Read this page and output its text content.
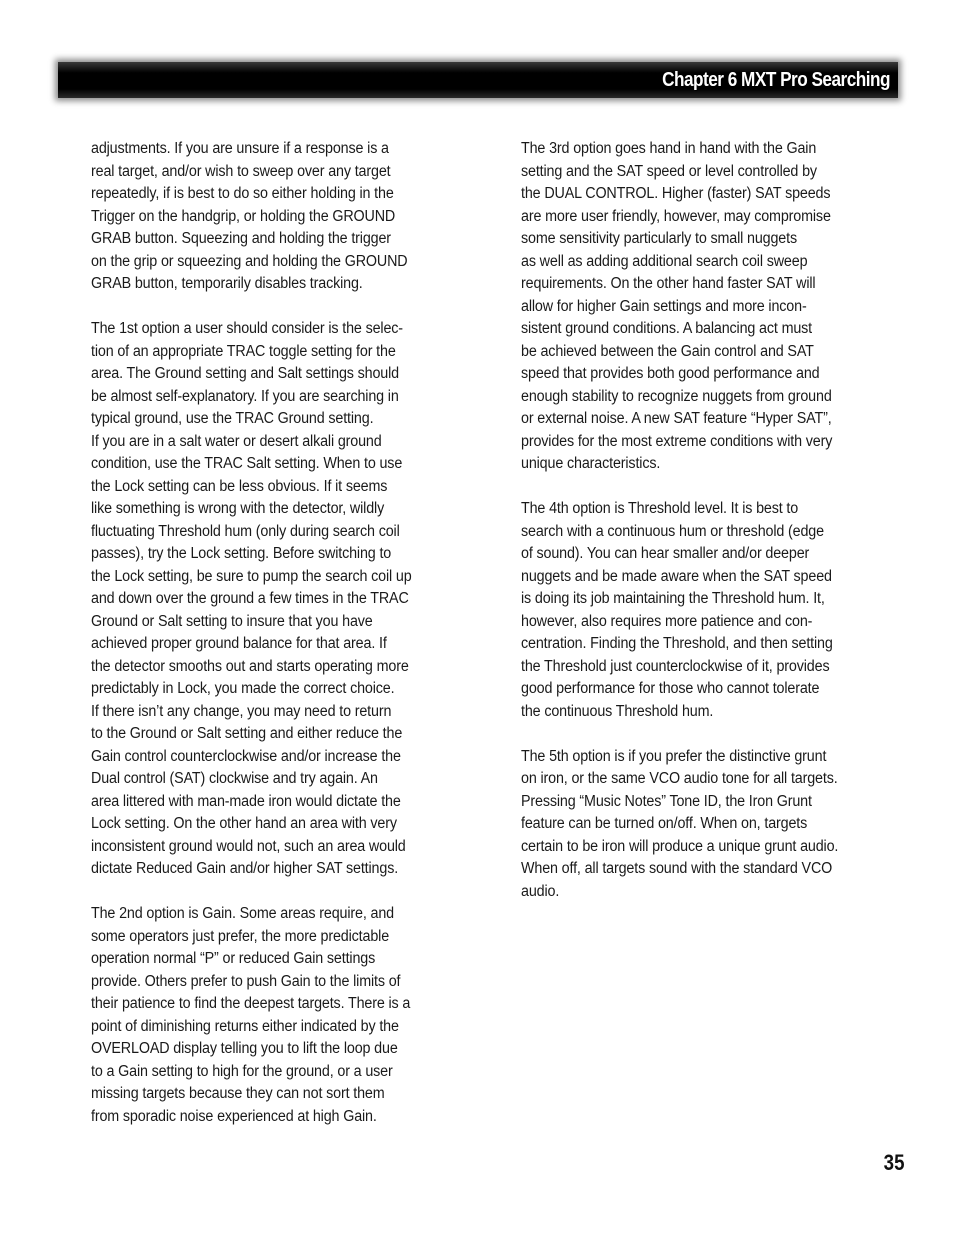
Chapter 6 MXT Pro Searching

adjustments. If you are unsure if a response is a
real target, and/or wish to sweep over any target
repeatedly, if is best to do so either holding in the
Trigger on the handgrip, or holding the GROUND
GRAB button. Squeezing and holding the trigger
on the grip or squeezing and holding the GROUND
GRAB button, temporarily disables tracking.

The 1st option a user should consider is the selec-
tion of an appropriate TRAC toggle setting for the
area. The Ground setting and Salt settings should
be almost self-explanatory. If you are searching in
typical ground, use the TRAC Ground setting.
If you are in a salt water or desert alkali ground
condition, use the TRAC Salt setting. When to use
the Lock setting can be less obvious. If it seems
like something is wrong with the detector, wildly
fluctuating Threshold hum (only during search coil
passes), try the Lock setting. Before switching to
the Lock setting, be sure to pump the search coil up
and down over the ground a few times in the TRAC
Ground or Salt setting to insure that you have
achieved proper ground balance for that area. If
the detector smooths out and starts operating more
predictably in Lock, you made the correct choice.
If there isn’t any change, you may need to return
to the Ground or Salt setting and either reduce the
Gain control counterclockwise and/or increase the
Dual control (SAT) clockwise and try again. An
area littered with man-made iron would dictate the
Lock setting. On the other hand an area with very
inconsistent ground would not, such an area would
dictate Reduced Gain and/or higher SAT settings.

The 2nd option is Gain. Some areas require, and
some operators just prefer, the more predictable
operation normal “P” or reduced Gain settings
provide. Others prefer to push Gain to the limits of
their patience to find the deepest targets. There is a
point of diminishing returns either indicated by the
OVERLOAD display telling you to lift the loop due
to a Gain setting to high for the ground, or a user
missing targets because they can not sort them
from sporadic noise experienced at high Gain.

The 3rd option goes hand in hand with the Gain
setting and the SAT speed or level controlled by
the DUAL CONTROL. Higher (faster) SAT speeds
are more user friendly, however, may compromise
some sensitivity particularly to small nuggets
as well as adding additional search coil sweep
requirements. On the other hand faster SAT will
allow for higher Gain settings and more incon-
sistent ground conditions. A balancing act must
be achieved between the Gain control and SAT
speed that provides both good performance and
enough stability to recognize nuggets from ground
or external noise. A new SAT feature “Hyper SAT”,
provides for the most extreme conditions with very
unique characteristics.

The 4th option is Threshold level. It is best to
search with a continuous hum or threshold (edge
of sound). You can hear smaller and/or deeper
nuggets and be made aware when the SAT speed
is doing its job maintaining the Threshold hum. It,
however, also requires more patience and con-
centration. Finding the Threshold, and then setting
the Threshold just counterclockwise of it, provides
good performance for those who cannot tolerate
the continuous Threshold hum.

The 5th option is if you prefer the distinctive grunt
on iron, or the same VCO audio tone for all targets.
Pressing “Music Notes” Tone ID, the Iron Grunt
feature can be turned on/off. When on, targets
certain to be iron will produce a unique grunt audio.
When off, all targets sound with the standard VCO
audio.

35
